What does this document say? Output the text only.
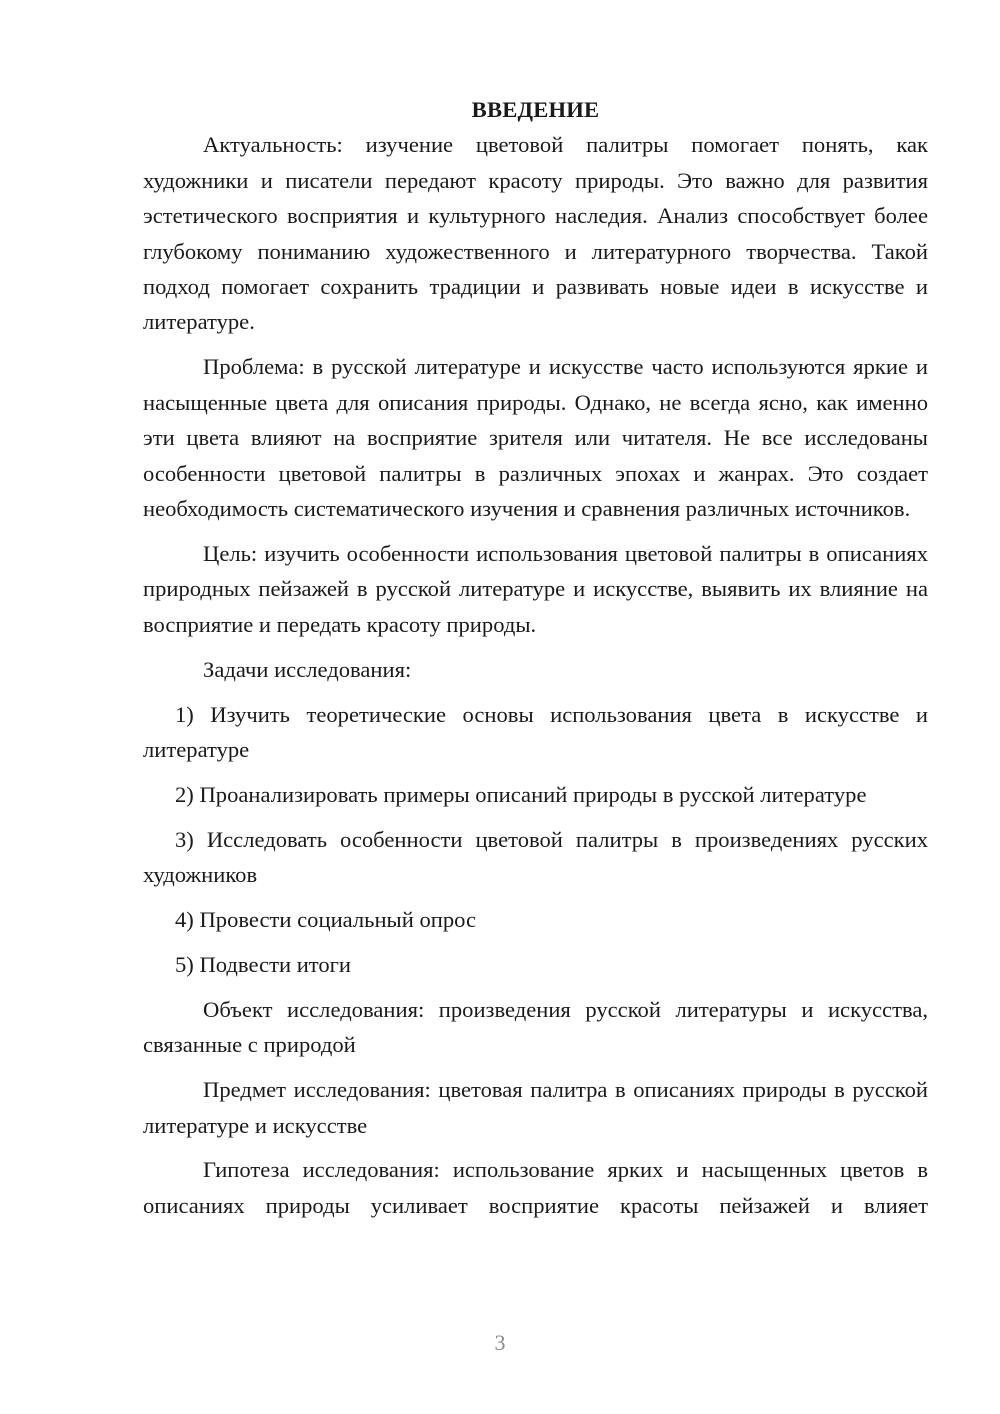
ВВЕДЕНИЕ

Актуальность: изучение цветовой палитры помогает понять, как художники и писатели передают красоту природы. Это важно для развития эстетического восприятия и культурного наследия. Анализ способствует более глубокому пониманию художественного и литературного творчества. Такой подход помогает сохранить традиции и развивать новые идеи в искусстве и литературе.

Проблема: в русской литературе и искусстве часто используются яркие и насыщенные цвета для описания природы. Однако, не всегда ясно, как именно эти цвета влияют на восприятие зрителя или читателя. Не все исследованы особенности цветовой палитры в различных эпохах и жанрах. Это создает необходимость систематического изучения и сравнения различных источников.

Цель: изучить особенности использования цветовой палитры в описаниях природных пейзажей в русской литературе и искусстве, выявить их влияние на восприятие и передать красоту природы.

Задачи исследования:

1) Изучить теоретические основы использования цвета в искусстве и литературе

2) Проанализировать примеры описаний природы в русской литературе

3) Исследовать особенности цветовой палитры в произведениях русских художников

4) Провести социальный опрос

5) Подвести итоги

Объект исследования: произведения русской литературы и искусства, связанные с природой

Предмет исследования: цветовая палитра в описаниях природы в русской литературе и искусстве

Гипотеза исследования: использование ярких и насыщенных цветов в описаниях природы усиливает восприятие красоты пейзажей и влияет

3
